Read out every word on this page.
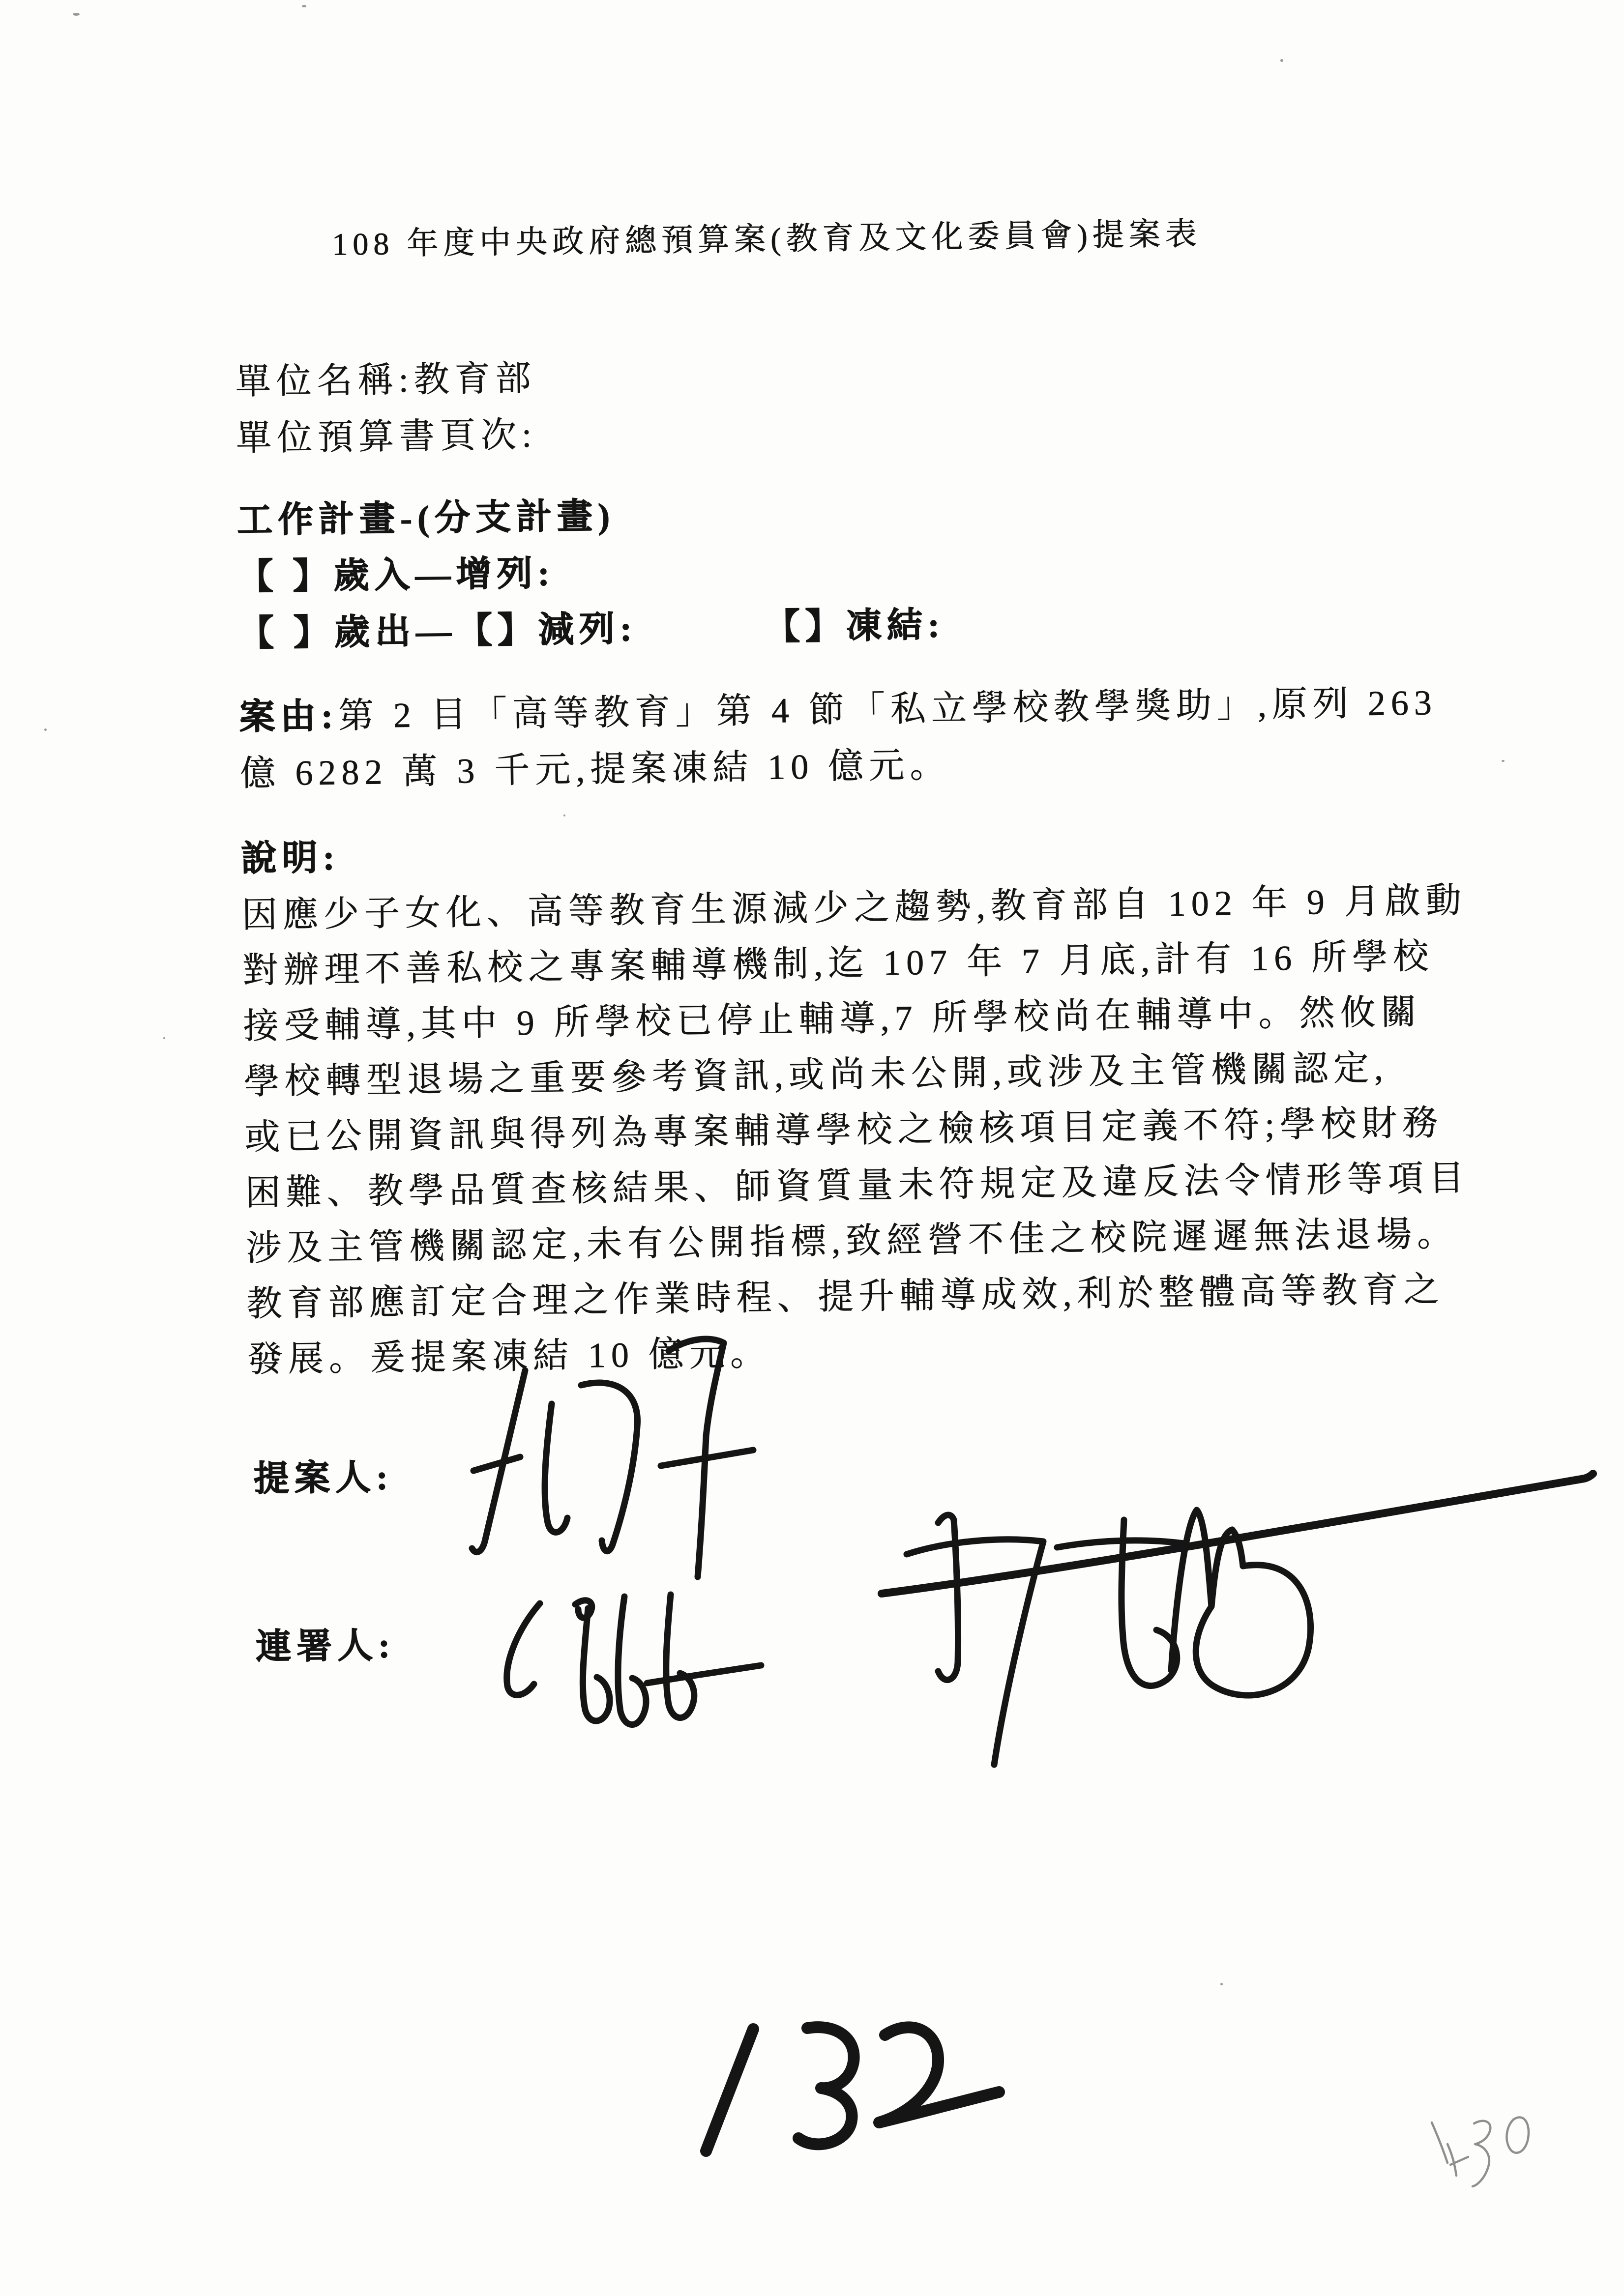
108 年度中央政府總預算案(教育及文化委員會)提案表
單位名稱:教育部
單位預算書頁次:
工作計畫-(分支計畫)
【 】歲入—增列:
【 】歲出—【】減列:	【】凍結:
案由:第 2 目「高等教育」第 4 節「私立學校教學獎助」,原列 263
億 6282 萬 3 千元,提案凍結 10 億元。
說明:
因應少子女化、高等教育生源減少之趨勢,教育部自 102 年 9 月啟動
對辦理不善私校之專案輔導機制,迄 107 年 7 月底,計有 16 所學校
接受輔導,其中 9 所學校已停止輔導,7 所學校尚在輔導中。然攸關
學校轉型退場之重要參考資訊,或尚未公開,或涉及主管機關認定,
或已公開資訊與得列為專案輔導學校之檢核項目定義不符;學校財務
困難、教學品質查核結果、師資質量未符規定及違反法令情形等項目
涉及主管機關認定,未有公開指標,致經營不佳之校院遲遲無法退場。
教育部應訂定合理之作業時程、提升輔導成效,利於整體高等教育之
發展。爰提案凍結 10 億元。
提案人:
連署人:
